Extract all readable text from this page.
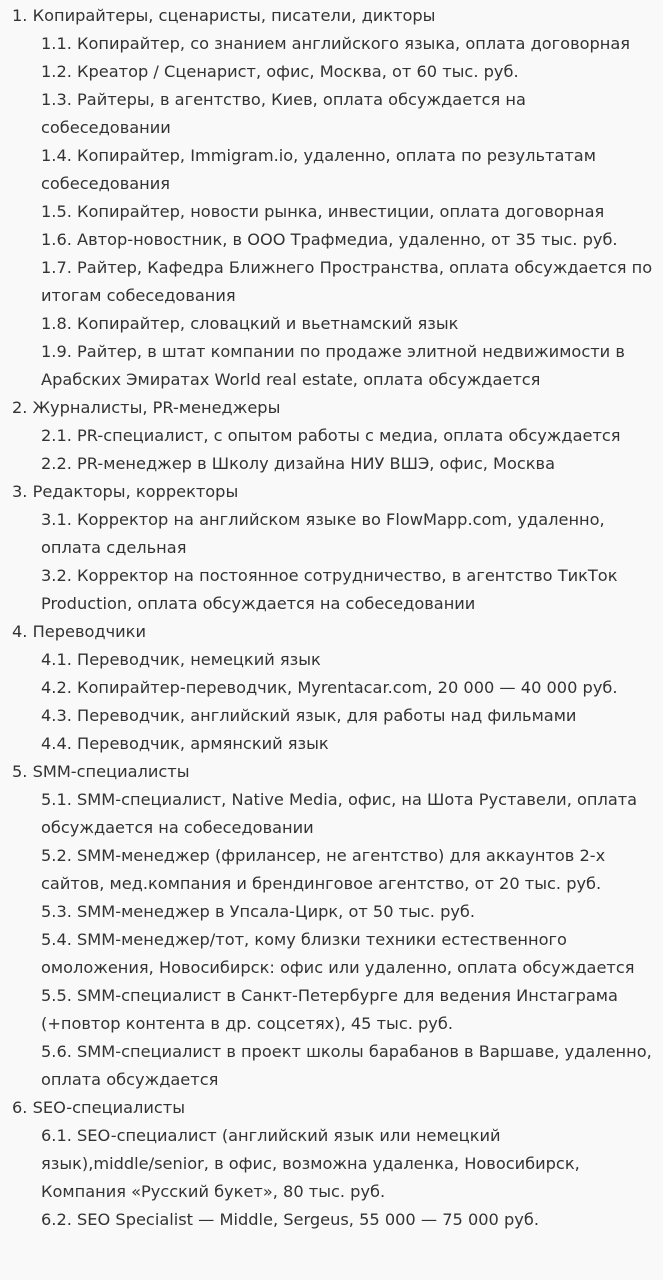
1. Копирайтеры, сценаристы, писатели, дикторы
1.1. Копирайтер, со знанием английского языка, оплата договорная
1.2. Креатор / Сценарист, офис, Москва, от 60 тыс. руб.
1.3. Райтеры, в агентство, Киев, оплата обсуждается на собеседовании
1.4. Копирайтер, Immigram.io, удаленно, оплата по результатам собеседования
1.5. Копирайтер, новости рынка, инвестиции, оплата договорная
1.6. Автор-новостник, в ООО Трафмедиа, удаленно, от 35 тыс. руб.
1.7. Райтер, Кафедра Ближнего Пространства, оплата обсуждается по итогам собеседования
1.8. Копирайтер, словацкий и вьетнамский язык
1.9. Райтер, в штат компании по продаже элитной недвижимости в Арабских Эмиратах World real estate, оплата обсуждается
2. Журналисты, PR-менеджеры
2.1. PR-специалист, с опытом работы с медиа, оплата обсуждается
2.2. PR-менеджер в Школу дизайна НИУ ВШЭ, офис, Москва
3. Редакторы, корректоры
3.1. Корректор на английском языке во FlowMapp.com, удаленно, оплата сдельная
3.2. Корректор на постоянное сотрудничество, в агентство ТикТок Production, оплата обсуждается на собеседовании
4. Переводчики
4.1. Переводчик, немецкий язык
4.2. Копирайтер-переводчик, Myrentacar.com, 20 000 — 40 000 руб.
4.3. Переводчик, английский язык, для работы над фильмами
4.4. Переводчик, армянский язык
5. SMM-специалисты
5.1. SMM-специалист, Native Media, офис, на Шота Руставели, оплата обсуждается на собеседовании
5.2. SMM-менеджер (фрилансер, не агентство) для аккаунтов 2-х сайтов, мед.компания и брендинговое агентство, от 20 тыс. руб.
5.3. SMM-менеджер в Упсала-Цирк, от 50 тыс. руб.
5.4. SMM-менеджер/тот, кому близки техники естественного омоложения, Новосибирск: офис или удаленно, оплата обсуждается
5.5. SMM-специалист в Санкт-Петербурге для ведения Инстаграма (+повтор контента в др. соцсетях), 45 тыс. руб.
5.6. SMM-специалист в проект школы барабанов в Варшаве, удаленно, оплата обсуждается
6. SEO-специалисты
6.1. SEO-специалист (английский язык или немецкий язык),middle/senior, в офис, возможна удаленка, Новосибирск, Компания «Русский букет», 80 тыс. руб.
6.2. SEO Specialist — Middle, Sergeus, 55 000 — 75 000 руб.
